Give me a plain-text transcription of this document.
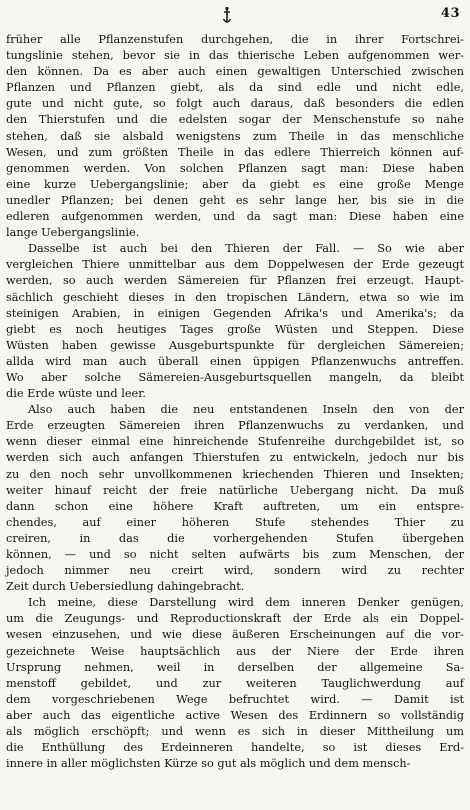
43
früher alle Pflanzenstufen durchgehen, die in ihrer Fortschrei-
tungslinie stehen, bevor sie in das thierische Leben aufgenommen wer-
den können. Da es aber auch einen gewaltigen Unterschied zwischen
Pflanzen und Pflanzen giebt, als da sind edle und nicht edle,
gute und nicht gute, so folgt auch daraus, daß besonders die edlen
den Thierstufen und die edelsten sogar der Menschenstufe so nahe
stehen, daß sie alsbald wenigstens zum Theile in das menschliche
Wesen, und zum größten Theile in das edlere Thierreich können auf-
genommen werden. Von solchen Pflanzen sagt man: Diese haben
eine kurze Uebergangslinie; aber da giebt es eine große Menge
unedler Pflanzen; bei denen geht es sehr lange her, bis sie in die
edleren aufgenommen werden, und da sagt man: Diese haben eine
lange Uebergangslinie.
Dasselbe ist auch bei den Thieren der Fall. — So wie aber
vergleichen Thiere unmittelbar aus dem Doppelwesen der Erde gezeugt
werden, so auch werden Sämereien für Pflanzen frei erzeugt. Haupt-
sächlich geschieht dieses in den tropischen Ländern, etwa so wie im
steinigen Arabien, in einigen Gegenden Afrika's und Amerika's; da
giebt es noch heutiges Tages große Wüsten und Steppen. Diese
Wüsten haben gewisse Ausgeburtspunkte für dergleichen Sämereien;
allda wird man auch überall einen üppigen Pflanzenwuchs antreffen.
Wo aber solche Sämereien-Ausgeburtsquellen mangeln, da bleibt
die Erde wüste und leer.
Also auch haben die neu entstandenen Inseln den von der
Erde erzeugten Sämereien ihren Pflanzenwuchs zu verdanken, und
wenn dieser einmal eine hinreichende Stufenreihe durchgebildet ist, so
werden sich auch anfangen Thierstufen zu entwickeln, jedoch nur bis
zu den noch sehr unvollkommenen kriechenden Thieren und Insekten;
weiter hinauf reicht der freie natürliche Uebergang nicht. Da muß
dann schon eine höhere Kraft auftreten, um ein entspre-
chendes, auf einer höheren Stufe stehendes Thier zu
creiren, in das die vorhergehenden Stufen übergehen
können, — und so nicht selten aufwärts bis zum Menschen, der
jedoch nimmer neu creirt wird, sondern wird zu rechter
Zeit durch Uebersiedlung dahingebracht.
Ich meine, diese Darstellung wird dem inneren Denker genügen,
um die Zeugungs- und Reproductionskraft der Erde als ein Doppel-
wesen einzusehen, und wie diese äußeren Erscheinungen auf die vor-
gezeichnete Weise hauptsächlich aus der Niere der Erde ihren
Ursprung nehmen, weil in derselben der allgemeine Sa-
menstoff gebildet, und zur weiteren Tauglichwerdung auf
dem vorgeschriebenen Wege befruchtet wird. — Damit ist
aber auch das eigentliche active Wesen des Erdinnern so vollständig
als möglich erschöpft; und wenn es sich in dieser Mittheilung um
die Enthüllung des Erdeinneren handelte, so ist dieses Erd-
innere in aller möglichsten Kürze so gut als möglich und dem mensch-
